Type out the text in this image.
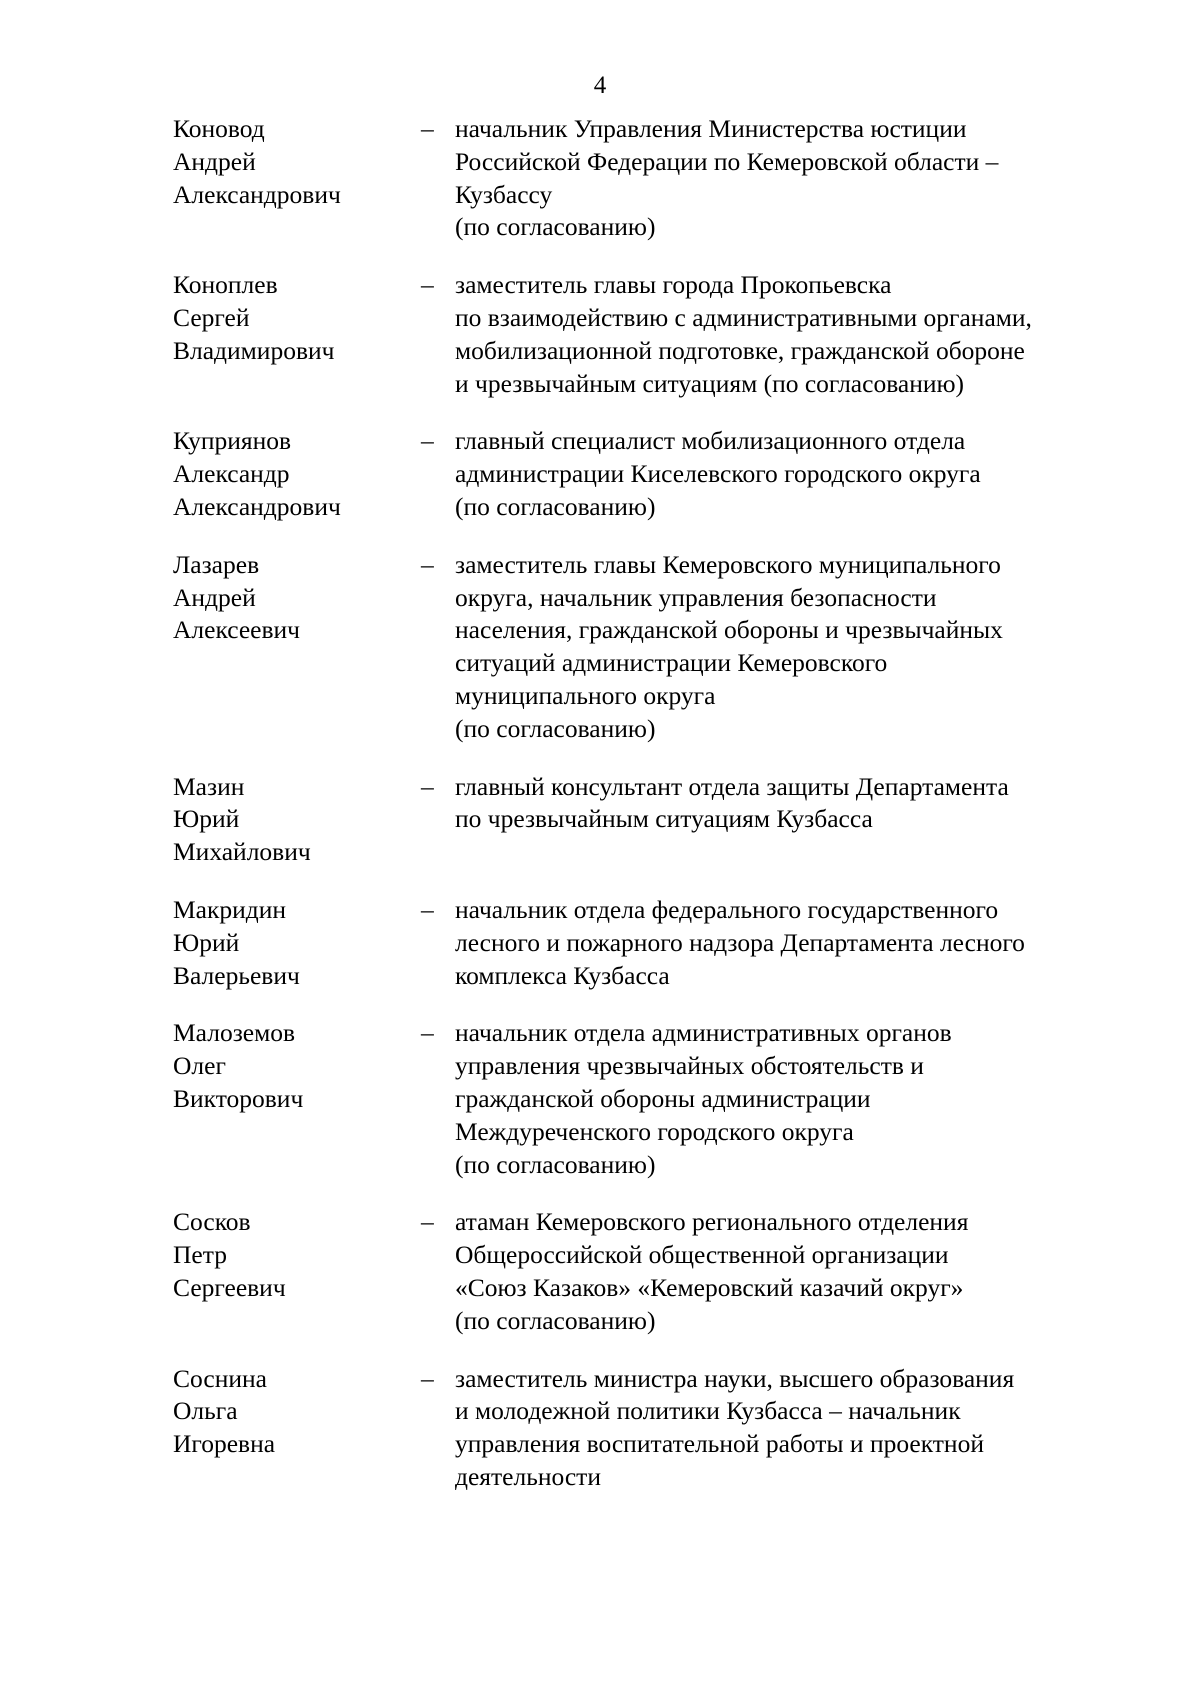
4
Коновод
Андрей
Александрович
– начальник Управления Министерства юстиции
Российской Федерации по Кемеровской области –
Кузбассу
(по согласованию)
Коноплев
Сергей
Владимирович
– заместитель главы города Прокопьевска
по взаимодействию с административными органами,
мобилизационной подготовке, гражданской обороне
и чрезвычайным ситуациям (по согласованию)
Куприянов
Александр
Александрович
– главный специалист мобилизационного отдела
администрации Киселевского городского округа
(по согласованию)
Лазарев
Андрей
Алексеевич
– заместитель главы Кемеровского муниципального
округа, начальник управления безопасности
населения, гражданской обороны и чрезвычайных
ситуаций администрации Кемеровского
муниципального округа
(по согласованию)
Мазин
Юрий
Михайлович
– главный консультант отдела защиты Департамента
по чрезвычайным ситуациям Кузбасса
Макридин
Юрий
Валерьевич
– начальник отдела федерального государственного
лесного и пожарного надзора Департамента лесного
комплекса Кузбасса
Малоземов
Олег
Викторович
– начальник отдела административных органов
управления чрезвычайных обстоятельств и
гражданской обороны администрации
Междуреченского городского округа
(по согласованию)
Сосков
Петр
Сергеевич
– атаман Кемеровского регионального отделения
Общероссийской общественной организации
«Союз Казаков» «Кемеровский казачий округ»
(по согласованию)
Соснина
Ольга
Игоревна
– заместитель министра науки, высшего образования
и молодежной политики Кузбасса – начальник
управления воспитательной работы и проектной
деятельности
